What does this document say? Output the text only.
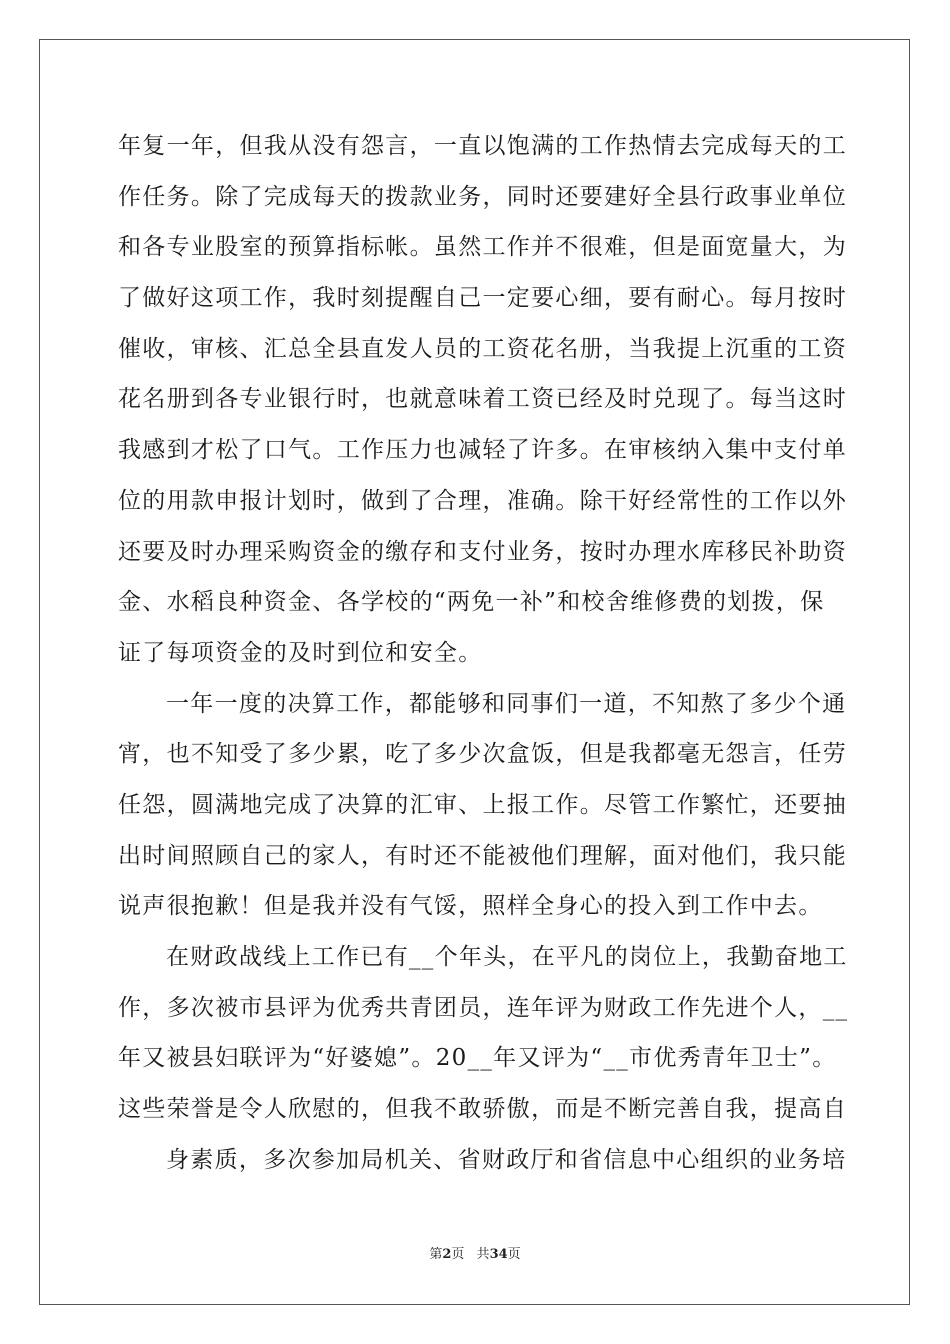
年复一年，但我从没有怨言，一直以饱满的工作热情去完成每天的工
作任务。除了完成每天的拨款业务，同时还要建好全县行政事业单位
和各专业股室的预算指标帐。虽然工作并不很难，但是面宽量大，为
了做好这项工作，我时刻提醒自己一定要心细，要有耐心。每月按时
催收，审核、汇总全县直发人员的工资花名册，当我提上沉重的工资
花名册到各专业银行时，也就意味着工资已经及时兑现了。每当这时
我感到才松了口气。工作压力也减轻了许多。在审核纳入集中支付单
位的用款申报计划时，做到了合理，准确。除干好经常性的工作以外
还要及时办理采购资金的缴存和支付业务，按时办理水库移民补助资
金、水稻良种资金、各学校的“两免一补”和校舍维修费的划拨，保
证了每项资金的及时到位和安全。
一年一度的决算工作，都能够和同事们一道，不知熬了多少个通
宵，也不知受了多少累，吃了多少次盒饭，但是我都毫无怨言，任劳
任怨，圆满地完成了决算的汇审、上报工作。尽管工作繁忙，还要抽
出时间照顾自己的家人，有时还不能被他们理解，面对他们，我只能
说声很抱歉！但是我并没有气馁，照样全身心的投入到工作中去。
在财政战线上工作已有__个年头，在平凡的岗位上，我勤奋地工
作，多次被市县评为优秀共青团员，连年评为财政工作先进个人，__
年又被县妇联评为“好婆媳”。20__年又评为“__市优秀青年卫士”。
这些荣誉是令人欣慰的，但我不敢骄傲，而是不断完善自我，提高自
身素质，多次参加局机关、省财政厅和省信息中心组织的业务培
第2页 共34页
